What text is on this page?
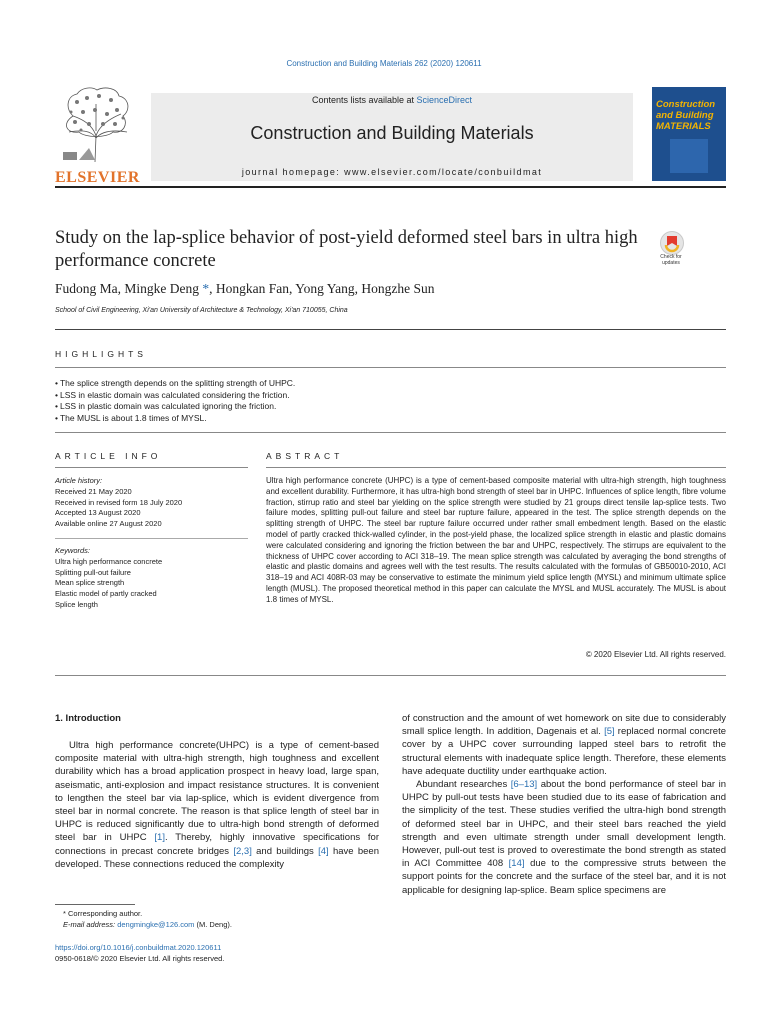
Construction and Building Materials 262 (2020) 120611
ELSEVIER
Contents lists available at ScienceDirect
Construction and Building Materials
journal homepage: www.elsevier.com/locate/conbuildmat
Construction and Building MATERIALS
Study on the lap-splice behavior of post-yield deformed steel bars in ultra high performance concrete	Check for updates
Fudong Ma, Mingke Deng *, Hongkan Fan, Yong Yang, Hongzhe Sun
School of Civil Engineering, Xi'an University of Architecture & Technology, Xi'an 710055, China
HIGHLIGHTS
• The splice strength depends on the splitting strength of UHPC.
• LSS in elastic domain was calculated considering the friction.
• LSS in plastic domain was calculated ignoring the friction.
• The MUSL is about 1.8 times of MYSL.
ARTICLE INFO	ABSTRACT
Article history:
Received 21 May 2020
Received in revised form 18 July 2020
Accepted 13 August 2020
Available online 27 August 2020
Keywords:
Ultra high performance concrete
Splitting pull-out failure
Mean splice strength
Elastic model of partly cracked
Splice length
Ultra high performance concrete (UHPC) is a type of cement-based composite material with ultra-high strength, high toughness and excellent durability. Furthermore, it has ultra-high bond strength of steel bar in UHPC. Influences of splice length, fibre volume fraction, stirrup ratio and steel bar yielding on the splice strength were studied by 21 groups direct tensile lap-splice tests. Two failure modes, splitting pull-out failure and steel bar rupture failure, appeared in the test. The splice strength depends on the splitting strength of UHPC. The steel bar rupture failure occurred under rather small embedment length. Based on the elastic model of partly cracked thick-walled cylinder, in the post-yield phase, the localized splice strength in elastic and plastic domains were calculated considering and ignoring the friction between the bar and UHPC, respectively. The stirrups are equivalent to the thickness of UHPC cover according to ACI 318–19. The mean splice strength was calculated by averaging the bond strengths of elastic and plastic domains and agrees well with the test results. The results calculated with the formulas of GB50010-2010, ACI 318–19 and ACI 408R-03 may be conservative to estimate the minimum yield splice length (MYSL) and minimum ultimate splice length (MUSL). The proposed theoretical method in this paper can calculate the MYSL and MUSL accurately. The MUSL is about 1.8 times of MYSL.
© 2020 Elsevier Ltd. All rights reserved.
1. Introduction
Ultra high performance concrete(UHPC) is a type of cement-based composite material with ultra-high strength, high toughness and excellent durability which has a broad application prospect in heavy load, large span, aseismatic, anti-explosion and impact resistance structures. It is convenient to lengthen the steel bar via lap-splice, which is evident divergence from steel bar in normal concrete. The reason is that splice length of steel bar in UHPC is reduced significantly due to ultra-high bond strength of deformed steel bar in UHPC [1]. Thereby, highly innovative specifications for connections in precast concrete bridges [2,3] and buildings [4] have been developed. These connections reduced the complexity
of construction and the amount of wet homework on site due to considerably small splice length. In addition, Dagenais et al. [5] replaced normal concrete cover by a UHPC cover surrounding lapped steel bars to retrofit the structural elements with inadequate splice length. Therefore, these elements have adequate ductility under earthquake action.
Abundant researches [6–13] about the bond performance of steel bar in UHPC by pull-out tests have been studied due to its ease of fabrication and the simplicity of the test. These studies verified the ultra-high bond strength of deformed steel bar in UHPC, and their steel bars reached the yield strength and even ultimate strength under small development length. However, pull-out test is proved to overestimate the bond strength as stated in ACI Committee 408 [14] due to the compressive struts between the support points for the concrete and the surface of the steel bar, and it is not applicable for designing lap-splice. Beam splice specimens are
* Corresponding author.
E-mail address: dengmingke@126.com (M. Deng).
https://doi.org/10.1016/j.conbuildmat.2020.120611
0950-0618/© 2020 Elsevier Ltd. All rights reserved.
